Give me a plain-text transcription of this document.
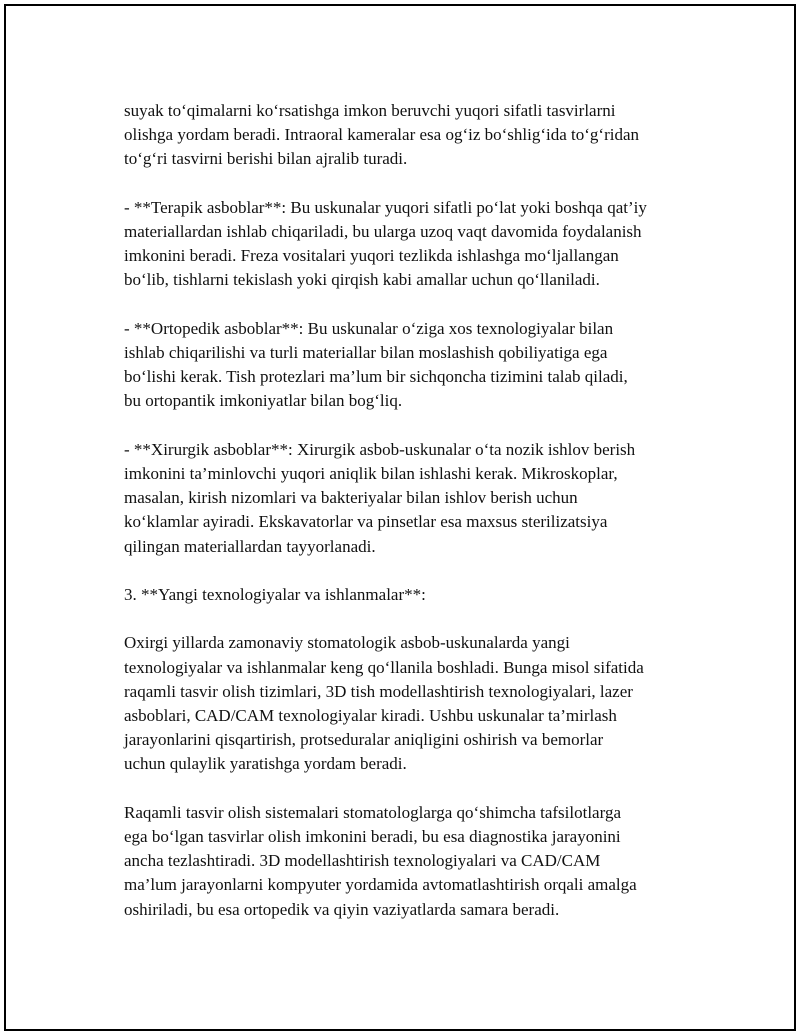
suyak to‘qimalarni ko‘rsatishga imkon beruvchi yuqori sifatli tasvirlarni
olishga yordam beradi. Intraoral kameralar esa og‘iz bo‘shlig‘ida to‘g‘ridan
to‘g‘ri tasvirni berishi bilan ajralib turadi.

- **Terapik asboblar**: Bu uskunalar yuqori sifatli po‘lat yoki boshqa qat’iy
materiallardan ishlab chiqariladi, bu ularga uzoq vaqt davomida foydalanish
imkonini beradi. Freza vositalari yuqori tezlikda ishlashga mo‘ljallangan
bo‘lib, tishlarni tekislash yoki qirqish kabi amallar uchun qo‘llaniladi.

- **Ortopedik asboblar**: Bu uskunalar o‘ziga xos texnologiyalar bilan
ishlab chiqarilishi va turli materiallar bilan moslashish qobiliyatiga ega
bo‘lishi kerak. Tish protezlari ma’lum bir sichqoncha tizimini talab qiladi,
bu ortopantik imkoniyatlar bilan bog‘liq.

- **Xirurgik asboblar**: Xirurgik asbob-uskunalar o‘ta nozik ishlov berish
imkonini ta’minlovchi yuqori aniqlik bilan ishlashi kerak. Mikroskoplar,
masalan, kirish nizomlari va bakteriyalar bilan ishlov berish uchun
ko‘klamlar ayiradi. Ekskavatorlar va pinsetlar esa maxsus sterilizatsiya
qilingan materiallardan tayyorlanadi.

3. **Yangi texnologiyalar va ishlanmalar**:

Oxirgi yillarda zamonaviy stomatologik asbob-uskunalarda yangi
texnologiyalar va ishlanmalar keng qo‘llanila boshladi. Bunga misol sifatida
raqamli tasvir olish tizimlari, 3D tish modellashtirish texnologiyalari, lazer
asboblari, CAD/CAM texnologiyalar kiradi. Ushbu uskunalar ta’mirlash
jarayonlarini qisqartirish, protseduralar aniqligini oshirish va bemorlar
uchun qulaylik yaratishga yordam beradi.

Raqamli tasvir olish sistemalari stomatologlarga qo‘shimcha tafsilotlarga
ega bo‘lgan tasvirlar olish imkonini beradi, bu esa diagnostika jarayonini
ancha tezlashtiradi. 3D modellashtirish texnologiyalari va CAD/CAM
ma’lum jarayonlarni kompyuter yordamida avtomatlashtirish orqali amalga
oshiriladi, bu esa ortopedik va qiyin vaziyatlarda samara beradi.
